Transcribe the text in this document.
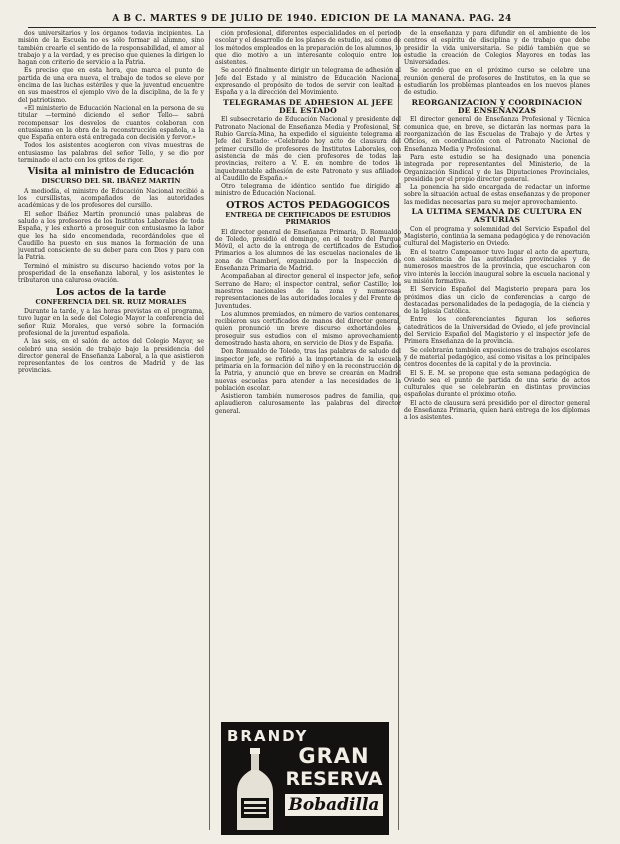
A B C. MARTES 9 DE JULIO DE 1940. EDICION DE LA MAÑANA. PAG. 24

dos universitarios y los órganos todavía incipientes. La misión de la Escuela no es sólo formar al alumno, sino también crearle el sentido de la responsabilidad, el amor al trabajo y a la verdad, y es preciso que quienes la dirigen lo hagan con criterio de servicio a la Patria.

Es preciso que en esta hora, que marca el punto de partida de una era nueva, el trabajo de todos se eleve por encima de las luchas estériles y que la juventud encuentre en sus maestros el ejemplo vivo de la disciplina, de la fe y del patriotismo.

«El ministerio de Educación Nacional en la persona de su titular —terminó diciendo el señor Tello— sabrá recompensar los desvelos de cuantos colaboran con entusiasmo en la obra de la reconstrucción española, a la que España entera está entregada con decisión y fervor.»

Todos los asistentes acogieron con vivas muestras de entusiasmo las palabras del señor Tello, y se dio por terminado el acto con los gritos de rigor.

Visita al ministro de Educación
DISCURSO DEL SR. IBÁÑEZ MARTÍN

A mediodía, el ministro de Educación Nacional recibió a los cursillistas, acompañados de las autoridades académicas y de los profesores del cursillo.

El señor Ibáñez Martín pronunció unas palabras de saludo a los profesores de los Institutos Laborales de toda España, y les exhortó a proseguir con entusiasmo la labor que les ha sido encomendada, recordándoles que el Caudillo ha puesto en sus manos la formación de una juventud consciente de su deber para con Dios y para con la Patria.

Terminó el ministro su discurso haciendo votos por la prosperidad de la enseñanza laboral, y los asistentes le tributaron una calurosa ovación.

Los actos de la tarde
CONFERENCIA DEL SR. RUIZ MORALES

Durante la tarde, y a las horas previstas en el programa, tuvo lugar en la sede del Colegio Mayor la conferencia del señor Ruiz Morales, que versó sobre la formación profesional de la juventud española.

A las seis, en el salón de actos del Colegio Mayor, se celebró una sesión de trabajo bajo la presidencia del director general de Enseñanza Laboral, a la que asistieron representantes de los centros de Madrid y de las provincias.

ción profesional, diferentes especialidades en el período escolar y el desarrollo de los planes de estudio, así como de los métodos empleados en la preparación de los alumnos, lo que dio motivo a un interesante coloquio entre los asistentes.

Se acordó finalmente dirigir un telegrama de adhesión al Jefe del Estado y al ministro de Educación Nacional, expresando el propósito de todos de servir con lealtad a España y a la dirección del Movimiento.

TELEGRAMAS DE ADHESION AL JEFE DEL ESTADO

El subsecretario de Educación Nacional y presidente del Patronato Nacional de Enseñanza Media y Profesional, Sr. Rubio García-Mina, ha expedido el siguiente telegrama al Jefe del Estado: «Celebrado hoy acto de clausura del primer cursillo de profesores de Institutos Laborales, con asistencia de más de cien profesores de todas las provincias, reitero a V. E. en nombre de todos la inquebrantable adhesión de este Patronato y sus afiliados al Caudillo de España.»

Otro telegrama de idéntico sentido fue dirigido al ministro de Educación Nacional.

OTROS ACTOS PEDAGOGICOS
ENTREGA DE CERTIFICADOS DE ESTUDIOS PRIMARIOS

El director general de Enseñanza Primaria, D. Romualdo de Toledo, presidió el domingo, en el teatro del Parque Móvil, el acto de la entrega de certificados de Estudios Primarios a los alumnos de las escuelas nacionales de la zona de Chamberí, organizado por la Inspección de Enseñanza Primaria de Madrid.

Acompañaban al director general el inspector jefe, señor Serrano de Haro; el inspector central, señor Castillo; los maestros nacionales de la zona y numerosas representaciones de las autoridades locales y del Frente de Juventudes.

Los alumnos premiados, en número de varios centenares, recibieron sus certificados de manos del director general, quien pronunció un breve discurso exhortándoles a proseguir sus estudios con el mismo aprovechamiento demostrado hasta ahora, en servicio de Dios y de España.

Don Romualdo de Toledo, tras las palabras de saludo del inspector jefe, se refirió a la importancia de la escuela primaria en la formación del niño y en la reconstrucción de la Patria, y anunció que en breve se crearán en Madrid nuevas escuelas para atender a las necesidades de la población escolar.

Asistieron también numerosos padres de familia, que aplaudieron calurosamente las palabras del director general.

de la enseñanza y para difundir en el ambiente de los centros el espíritu de disciplina y de trabajo que debe presidir la vida universitaria. Se pidió también que se estudie la creación de Colegios Mayores en todas las Universidades.

Se acordó que en el próximo curso se celebre una reunión general de profesores de Institutos, en la que se estudiarán los problemas planteados en los nuevos planes de estudio.

REORGANIZACION Y COORDINACION DE ENSEÑANZAS

El director general de Enseñanza Profesional y Técnica comunica que, en breve, se dictarán las normas para la reorganización de las Escuelas de Trabajo y de Artes y Oficios, en coordinación con el Patronato Nacional de Enseñanza Media y Profesional.

Para este estudio se ha designado una ponencia integrada por representantes del Ministerio, de la Organización Sindical y de las Diputaciones Provinciales, presidida por el propio director general.

La ponencia ha sido encargada de redactar un informe sobre la situación actual de estas enseñanzas y de proponer las medidas necesarias para su mejor aprovechamiento.

LA ULTIMA SEMANA DE CULTURA EN ASTURIAS

Con el programa y solemnidad del Servicio Español del Magisterio, continúa la semana pedagógica y de renovación cultural del Magisterio en Oviedo.

En el teatro Campoamor tuvo lugar el acto de apertura, con asistencia de las autoridades provinciales y de numerosos maestros de la provincia, que escucharon con vivo interés la lección inaugural sobre la escuela nacional y su misión formativa.

El Servicio Español del Magisterio prepara para los próximos días un ciclo de conferencias a cargo de destacadas personalidades de la pedagogía, de la ciencia y de la Iglesia Católica.

Entre los conferenciantes figuran los señores catedráticos de la Universidad de Oviedo, el jefe provincial del Servicio Español del Magisterio y el inspector jefe de Primera Enseñanza de la provincia.

Se celebrarán también exposiciones de trabajos escolares y de material pedagógico, así como visitas a los principales centros docentes de la capital y de la provincia.

El S. E. M. se propone que esta semana pedagógica de Oviedo sea el punto de partida de una serie de actos culturales que se celebrarán en distintas provincias españolas durante el próximo otoño.

El acto de clausura será presidido por el director general de Enseñanza Primaria, quien hará entrega de los diplomas a los asistentes.

BRANDY
GRAN
RESERVA
Bobadilla
